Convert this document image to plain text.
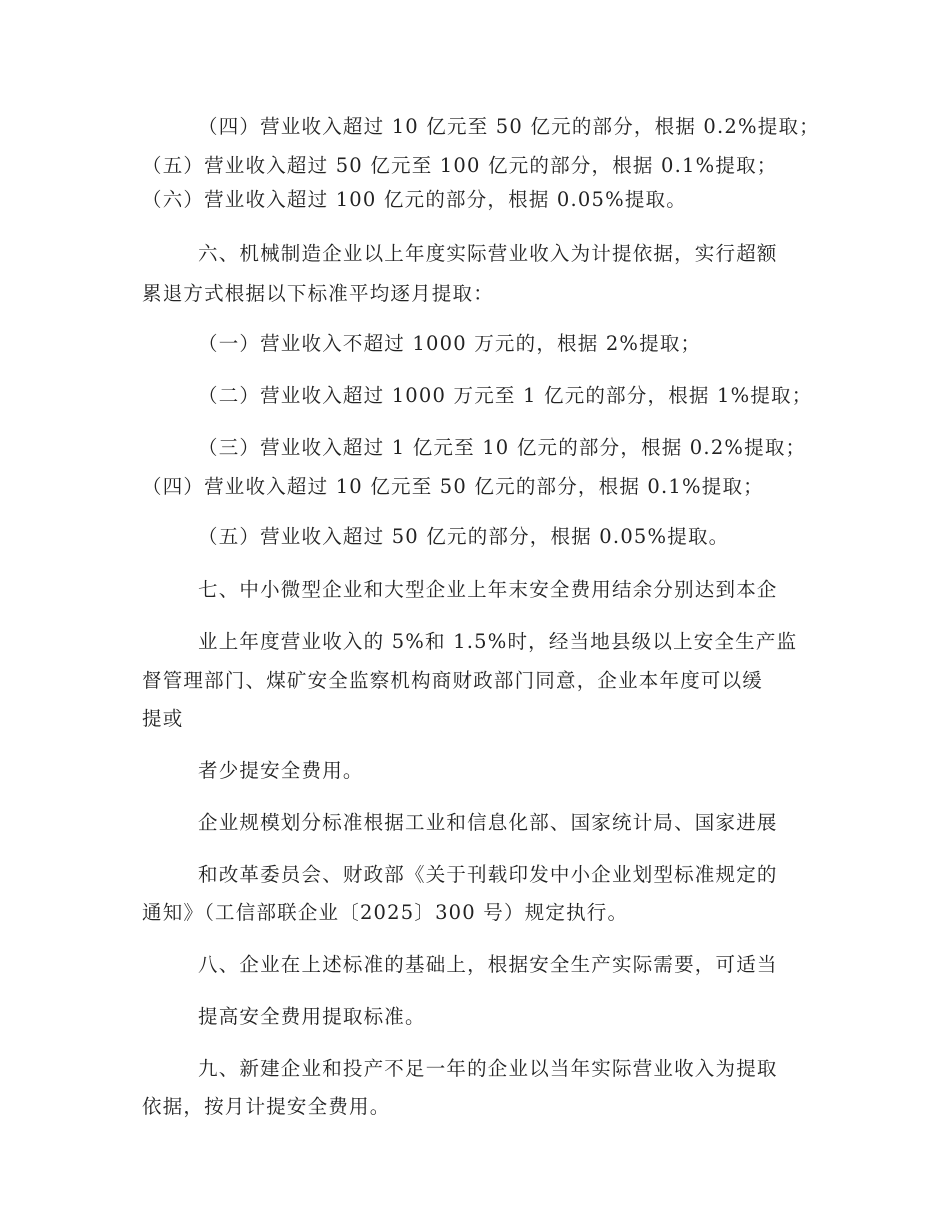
（四）营业收入超过 10 亿元至 50 亿元的部分，根据 0.2%提取；
（五）营业收入超过 50 亿元至 100 亿元的部分，根据 0.1%提取；
（六）营业收入超过 100 亿元的部分，根据 0.05%提取。
六、机械制造企业以上年度实际营业收入为计提依据，实行超额
累退方式根据以下标准平均逐月提取：
（一）营业收入不超过 1000 万元的，根据 2%提取；
（二）营业收入超过 1000 万元至 1 亿元的部分，根据 1%提取；
（三）营业收入超过 1 亿元至 10 亿元的部分，根据 0.2%提取；
（四）营业收入超过 10 亿元至 50 亿元的部分，根据 0.1%提取；
（五）营业收入超过 50 亿元的部分，根据 0.05%提取。
七、中小微型企业和大型企业上年末安全费用结余分别达到本企
业上年度营业收入的 5%和 1.5%时，经当地县级以上安全生产监
督管理部门、煤矿安全监察机构商财政部门同意，企业本年度可以缓
提或
者少提安全费用。
企业规模划分标准根据工业和信息化部、国家统计局、国家进展
和改革委员会、财政部《关于刊载印发中小企业划型标准规定的
通知》（工信部联企业〔2025〕300 号）规定执行。
八、企业在上述标准的基础上，根据安全生产实际需要，可适当
提高安全费用提取标准。
九、新建企业和投产不足一年的企业以当年实际营业收入为提取
依据，按月计提安全费用。
